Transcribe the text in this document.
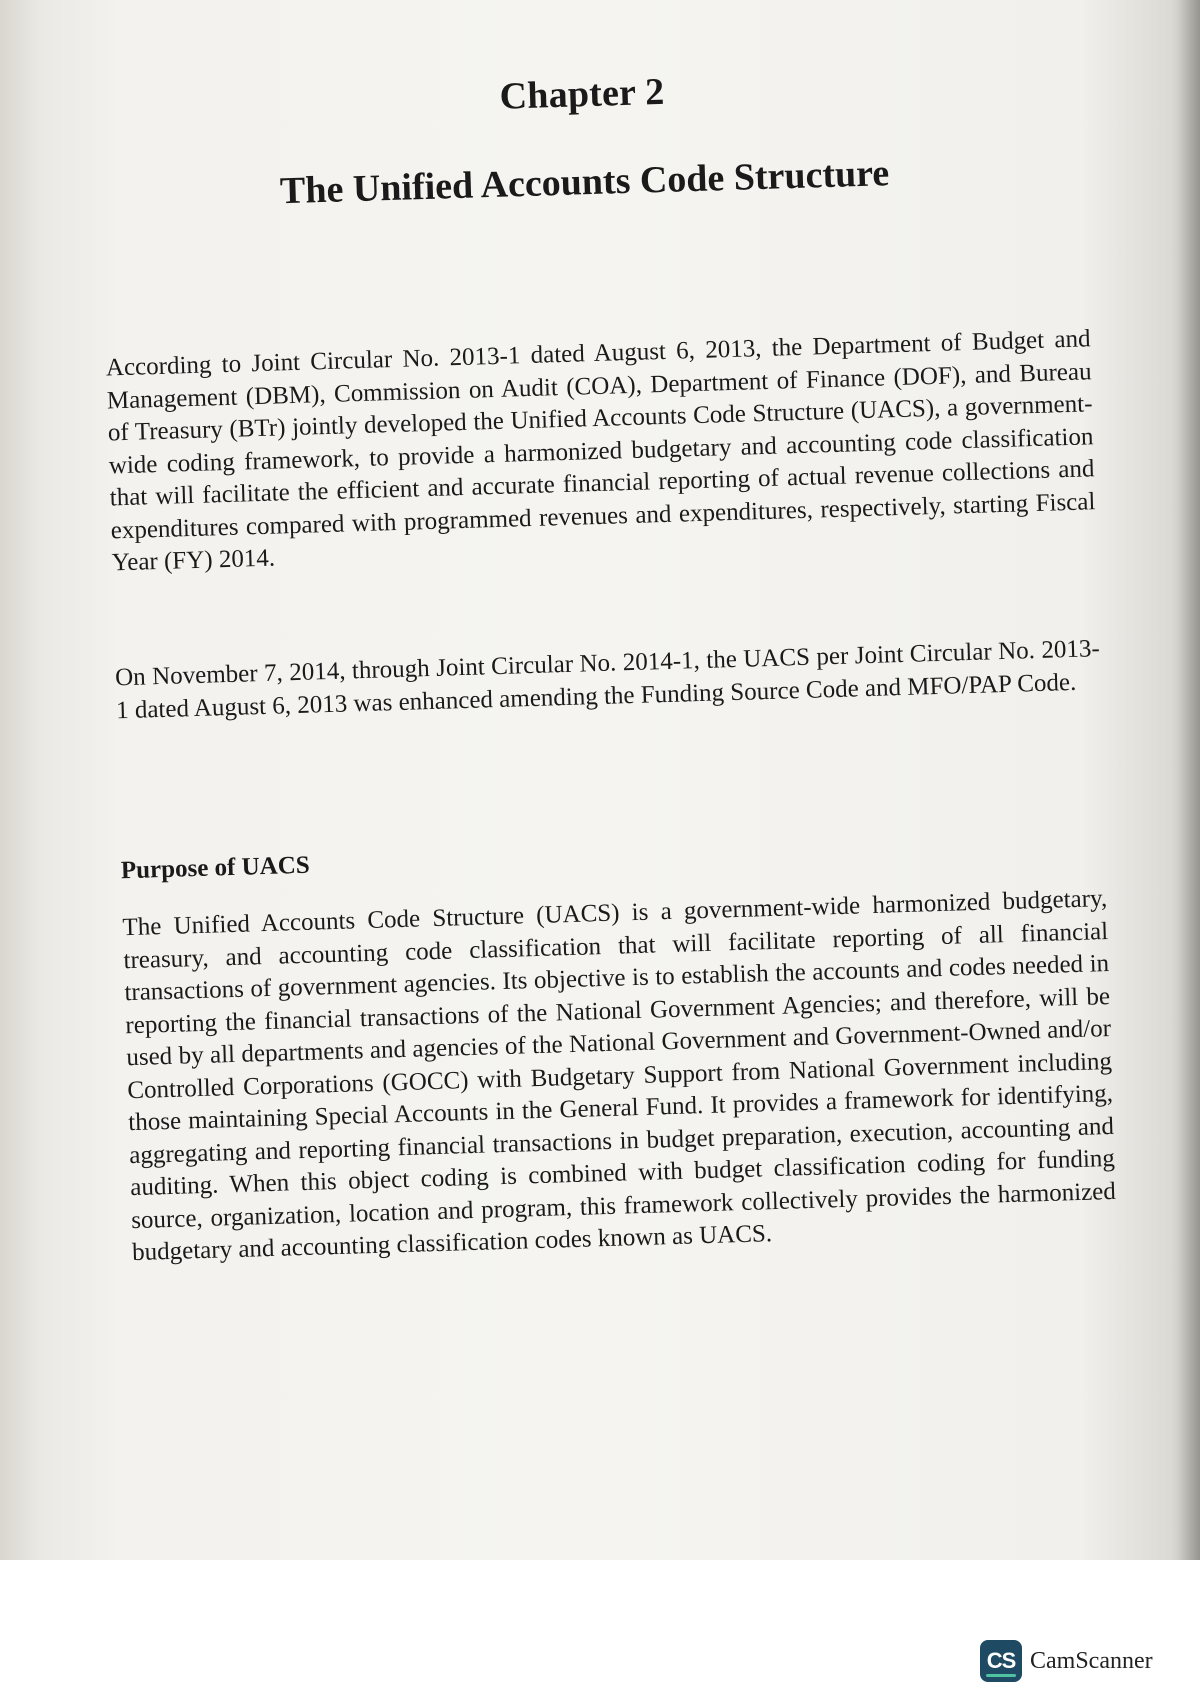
Chapter 2
The Unified Accounts Code Structure

According to Joint Circular No. 2013-1 dated August 6, 2013, the Department of Budget and Management (DBM), Commission on Audit (COA), Department of Finance (DOF), and Bureau of Treasury (BTr) jointly developed the Unified Accounts Code Structure (UACS), a government-wide coding framework, to provide a harmonized budgetary and accounting code classification that will facilitate the efficient and accurate financial reporting of actual revenue collections and expenditures compared with programmed revenues and expenditures, respectively, starting Fiscal Year (FY) 2014.

On November 7, 2014, through Joint Circular No. 2014-1, the UACS per Joint Circular No. 2013-1 dated August 6, 2013 was enhanced amending the Funding Source Code and MFO/PAP Code.

Purpose of UACS

The Unified Accounts Code Structure (UACS) is a government-wide harmonized budgetary, treasury, and accounting code classification that will facilitate reporting of all financial transactions of government agencies. Its objective is to establish the accounts and codes needed in reporting the financial transactions of the National Government Agencies; and therefore, will be used by all departments and agencies of the National Government and Government-Owned and/or Controlled Corporations (GOCC) with Budgetary Support from National Government including those maintaining Special Accounts in the General Fund. It provides a framework for identifying, aggregating and reporting financial transactions in budget preparation, execution, accounting and auditing. When this object coding is combined with budget classification coding for funding source, organization, location and program, this framework collectively provides the harmonized budgetary and accounting classification codes known as UACS.

CS CamScanner
